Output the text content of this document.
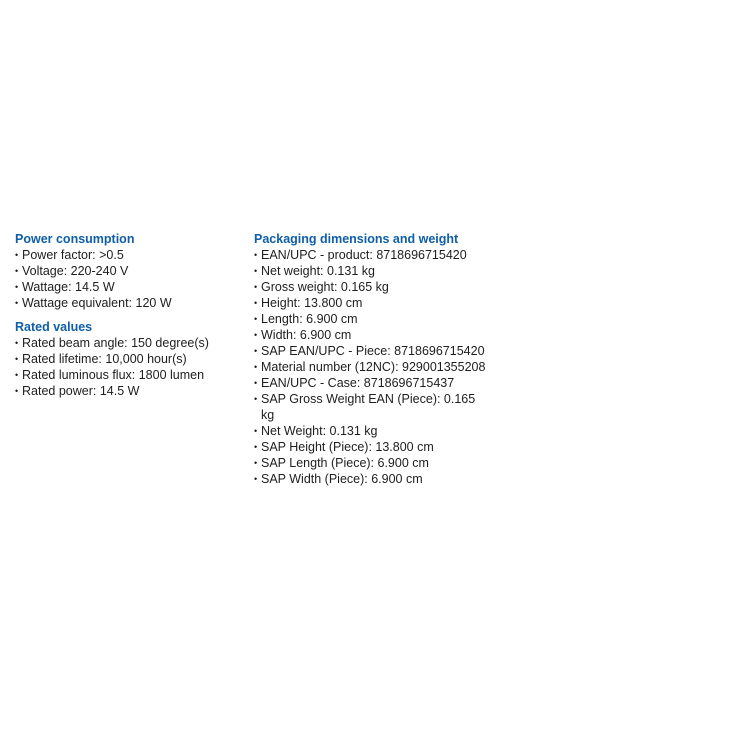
Power consumption
• Power factor: >0.5
• Voltage: 220-240 V
• Wattage: 14.5 W
• Wattage equivalent: 120 W
Rated values
• Rated beam angle: 150 degree(s)
• Rated lifetime: 10,000 hour(s)
• Rated luminous flux: 1800 lumen
• Rated power: 14.5 W
Packaging dimensions and weight
• EAN/UPC - product: 8718696715420
• Net weight: 0.131 kg
• Gross weight: 0.165 kg
• Height: 13.800 cm
• Length: 6.900 cm
• Width: 6.900 cm
• SAP EAN/UPC - Piece: 8718696715420
• Material number (12NC): 929001355208
• EAN/UPC - Case: 8718696715437
• SAP Gross Weight EAN (Piece): 0.165 kg
• Net Weight: 0.131 kg
• SAP Height (Piece): 13.800 cm
• SAP Length (Piece): 6.900 cm
• SAP Width (Piece): 6.900 cm
